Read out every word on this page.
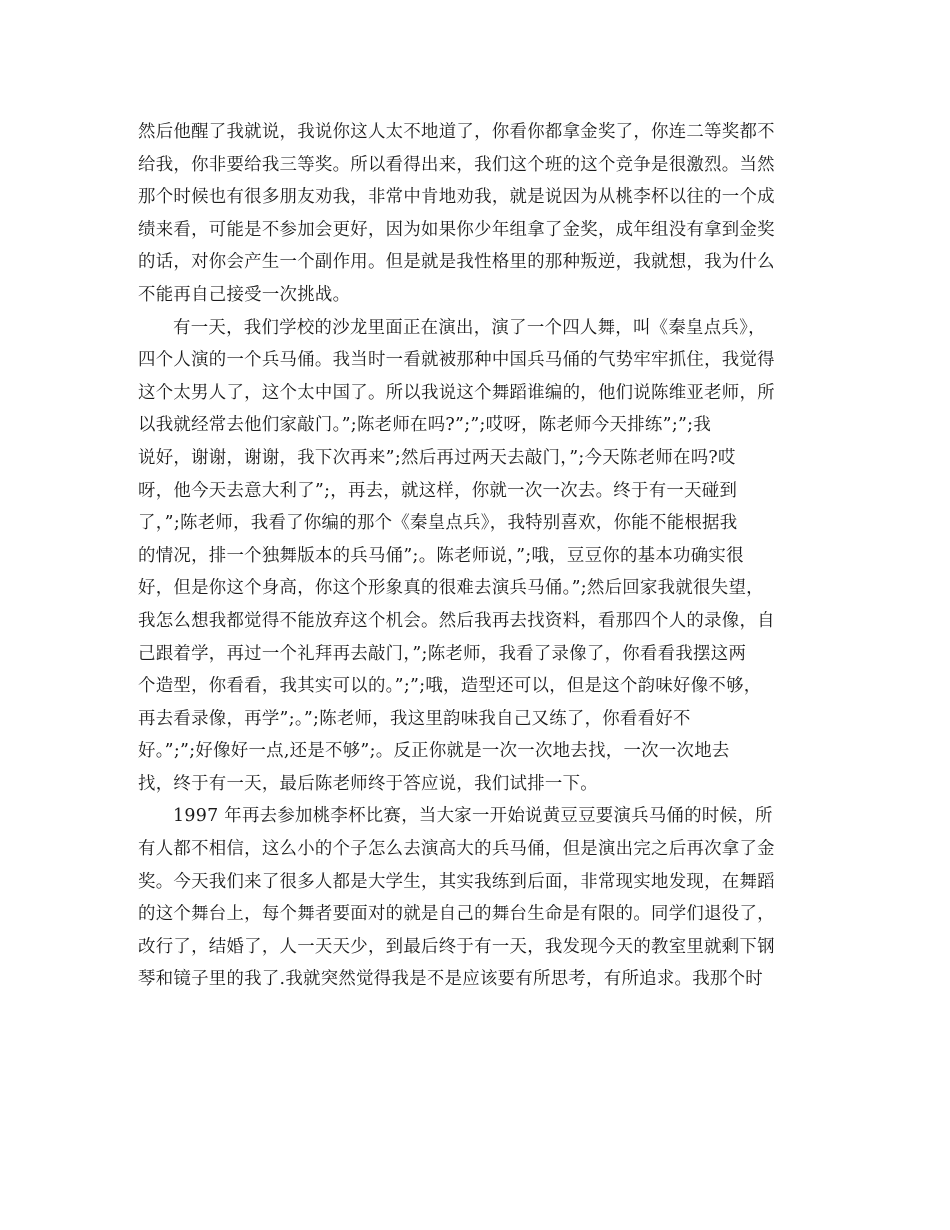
然后他醒了我就说，我说你这人太不地道了，你看你都拿金奖了，你连二等奖都不
给我，你非要给我三等奖。所以看得出来，我们这个班的这个竞争是很激烈。当然
那个时候也有很多朋友劝我，非常中肯地劝我，就是说因为从桃李杯以往的一个成
绩来看，可能是不参加会更好，因为如果你少年组拿了金奖，成年组没有拿到金奖
的话，对你会产生一个副作用。但是就是我性格里的那种叛逆，我就想，我为什么
不能再自己接受一次挑战。
有一天，我们学校的沙龙里面正在演出，演了一个四人舞，叫《秦皇点兵》，
四个人演的一个兵马俑。我当时一看就被那种中国兵马俑的气势牢牢抓住，我觉得
这个太男人了，这个太中国了。所以我说这个舞蹈谁编的，他们说陈维亚老师，所
以我就经常去他们家敲门。”;陈老师在吗?”;”;哎呀，陈老师今天排练”;”;我
说好，谢谢，谢谢，我下次再来”;然后再过两天去敲门，”;今天陈老师在吗?哎
呀，他今天去意大利了”;，再去，就这样，你就一次一次去。终于有一天碰到
了，”;陈老师，我看了你编的那个《秦皇点兵》，我特别喜欢，你能不能根据我
的情况，排一个独舞版本的兵马俑”;。陈老师说，”;哦，豆豆你的基本功确实很
好，但是你这个身高，你这个形象真的很难去演兵马俑。”;然后回家我就很失望，
我怎么想我都觉得不能放弃这个机会。然后我再去找资料，看那四个人的录像，自
己跟着学，再过一个礼拜再去敲门，”;陈老师，我看了录像了，你看看我摆这两
个造型，你看看，我其实可以的。”;”;哦，造型还可以，但是这个韵味好像不够，
再去看录像，再学”;。”;陈老师，我这里韵味我自己又练了，你看看好不
好。”;”;好像好一点,还是不够”;。反正你就是一次一次地去找，一次一次地去
找，终于有一天，最后陈老师终于答应说，我们试排一下。
1997 年再去参加桃李杯比赛，当大家一开始说黄豆豆要演兵马俑的时候，所
有人都不相信，这么小的个子怎么去演高大的兵马俑，但是演出完之后再次拿了金
奖。今天我们来了很多人都是大学生，其实我练到后面，非常现实地发现，在舞蹈
的这个舞台上，每个舞者要面对的就是自己的舞台生命是有限的。同学们退役了，
改行了，结婚了，人一天天少，到最后终于有一天，我发现今天的教室里就剩下钢
琴和镜子里的我了.我就突然觉得我是不是应该要有所思考，有所追求。我那个时
